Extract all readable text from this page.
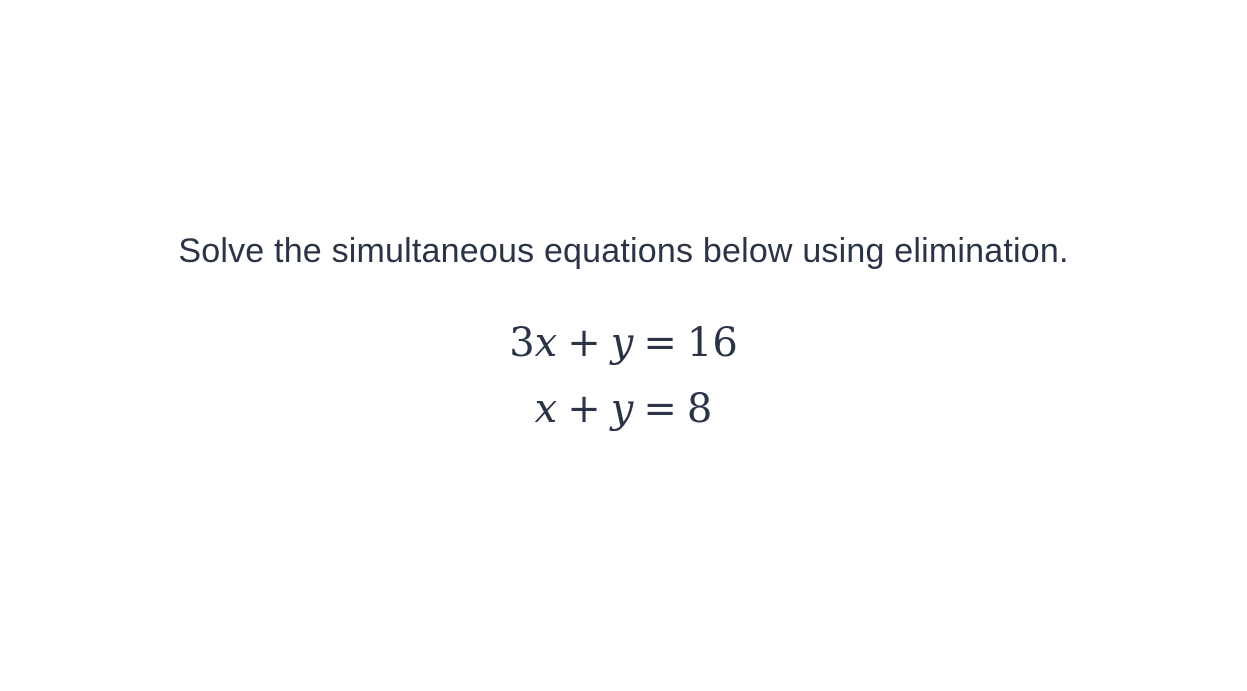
Solve the simultaneous equations below using elimination.
3x + y = 16
x + y = 8
